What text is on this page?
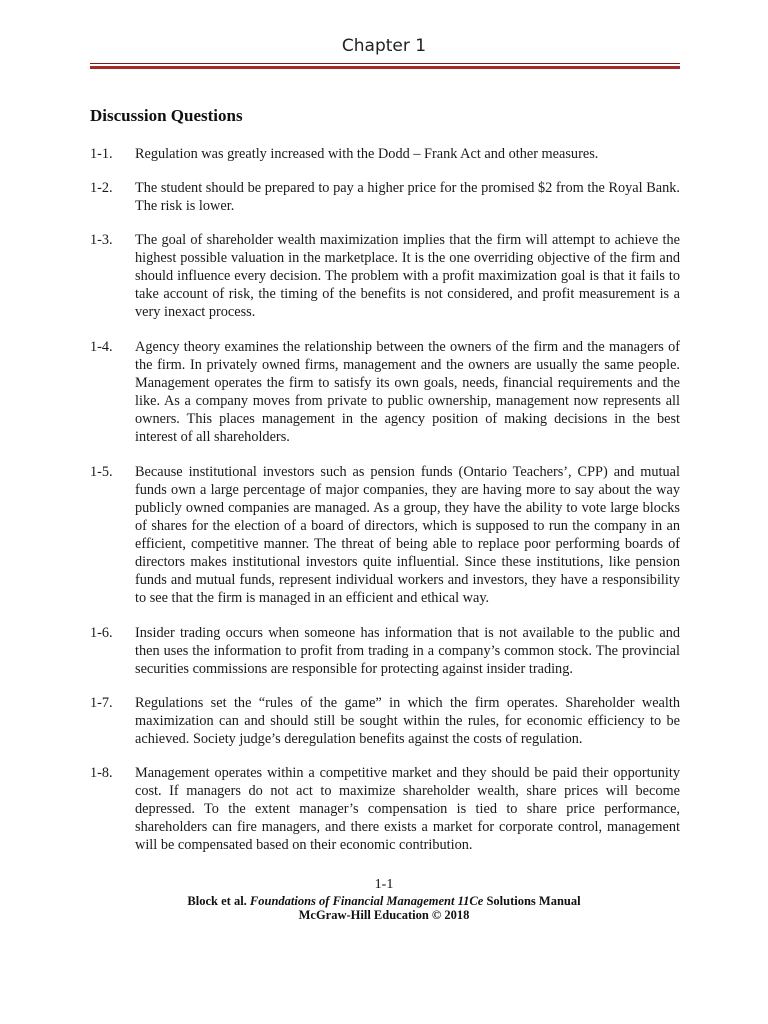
Chapter 1
Discussion Questions
1-1.	Regulation was greatly increased with the Dodd – Frank Act and other measures.
1-2.	The student should be prepared to pay a higher price for the promised $2 from the Royal Bank. The risk is lower.
1-3.	The goal of shareholder wealth maximization implies that the firm will attempt to achieve the highest possible valuation in the marketplace. It is the one overriding objective of the firm and should influence every decision. The problem with a profit maximization goal is that it fails to take account of risk, the timing of the benefits is not considered, and profit measurement is a very inexact process.
1-4.	Agency theory examines the relationship between the owners of the firm and the managers of the firm. In privately owned firms, management and the owners are usually the same people. Management operates the firm to satisfy its own goals, needs, financial requirements and the like. As a company moves from private to public ownership, management now represents all owners. This places management in the agency position of making decisions in the best interest of all shareholders.
1-5.	Because institutional investors such as pension funds (Ontario Teachers’, CPP) and mutual funds own a large percentage of major companies, they are having more to say about the way publicly owned companies are managed. As a group, they have the ability to vote large blocks of shares for the election of a board of directors, which is supposed to run the company in an efficient, competitive manner. The threat of being able to replace poor performing boards of directors makes institutional investors quite influential. Since these institutions, like pension funds and mutual funds, represent individual workers and investors, they have a responsibility to see that the firm is managed in an efficient and ethical way.
1-6.	Insider trading occurs when someone has information that is not available to the public and then uses the information to profit from trading in a company’s common stock. The provincial securities commissions are responsible for protecting against insider trading.
1-7.	Regulations set the “rules of the game” in which the firm operates. Shareholder wealth maximization can and should still be sought within the rules, for economic efficiency to be achieved. Society judge’s deregulation benefits against the costs of regulation.
1-8.	Management operates within a competitive market and they should be paid their opportunity cost. If managers do not act to maximize shareholder wealth, share prices will become depressed. To the extent manager’s compensation is tied to share price performance, shareholders can fire managers, and there exists a market for corporate control, management will be compensated based on their economic contribution.
1-1
Block et al. Foundations of Financial Management 11Ce Solutions Manual
McGraw-Hill Education © 2018
